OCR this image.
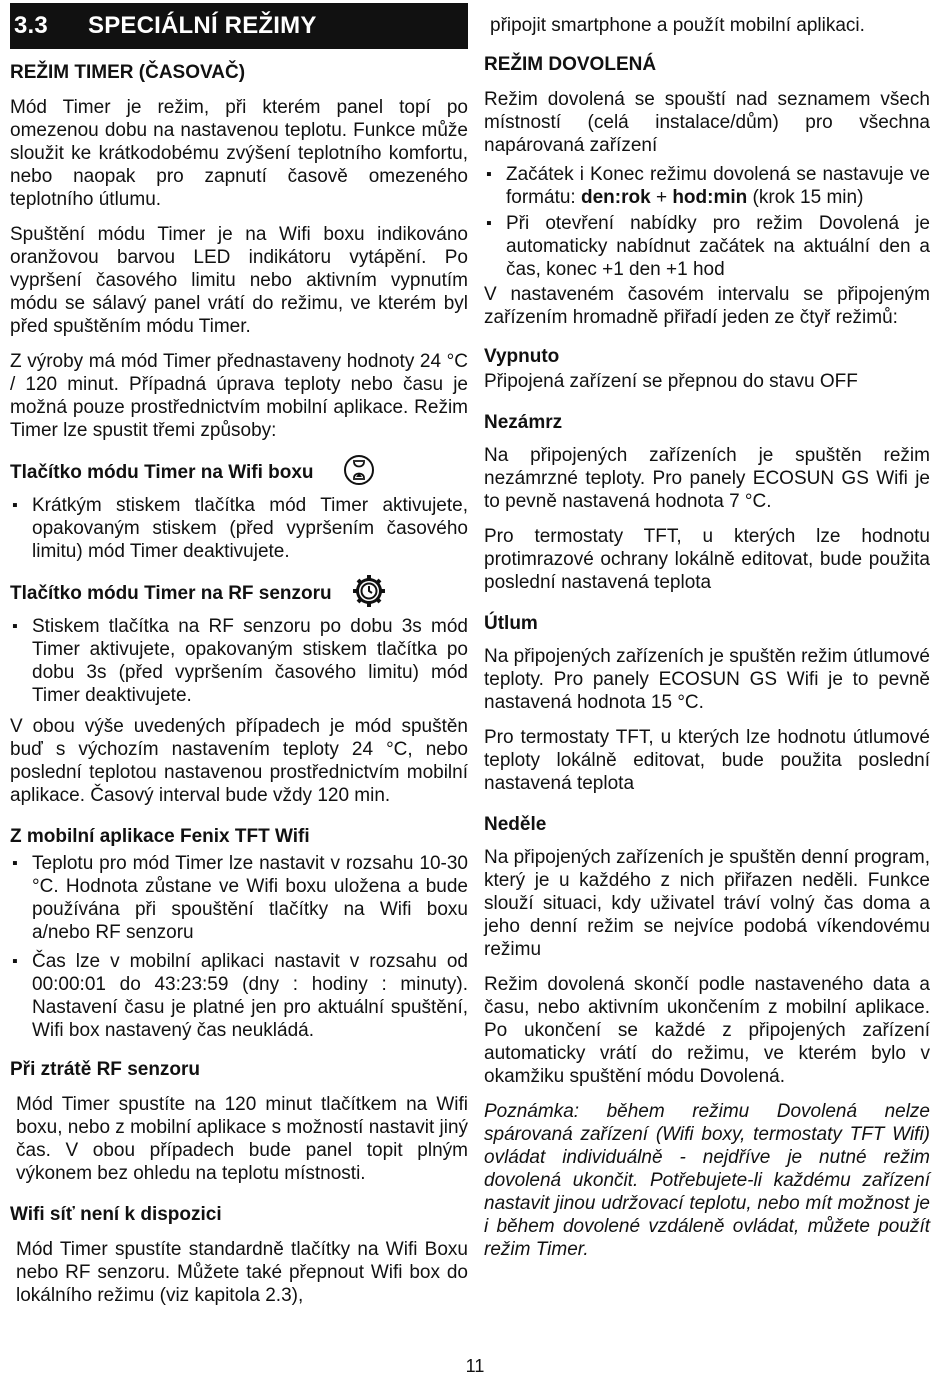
3.3	SPECIÁLNÍ REŽIMY
REŽIM TIMER (ČASOVAČ)

Mód Timer je režim, při kterém panel topí po omezenou dobu na nastavenou teplotu. Funkce může sloužit ke krátkodobému zvýšení teplotního komfortu, nebo naopak pro zapnutí časově omezeného teplotního útlumu.

Spuštění módu Timer je na Wifi boxu indikováno oranžovou barvou LED indikátoru vytápění. Po vypršení časového limitu nebo aktivním vypnutím módu se sálavý panel vrátí do režimu, ve kterém byl před spuštěním módu Timer.

Z výroby má mód Timer přednastaveny hodnoty 24 °C / 120 minut. Případná úprava teploty nebo času je možná pouze prostřednictvím mobilní aplikace. Režim Timer lze spustit třemi způsoby:

Tlačítko módu Timer na Wifi boxu
▪ Krátkým stiskem tlačítka mód Timer aktivujete, opakovaným stiskem (před vypršením časového limitu) mód Timer deaktivujete.
Tlačítko módu Timer na RF senzoru
▪ Stiskem tlačítka na RF senzoru po dobu 3s mód Timer aktivujete, opakovaným stiskem tlačítka po dobu 3s (před vypršením časového limitu) mód Timer deaktivujete.

V obou výše uvedených případech je mód spuštěn buď s výchozím nastavením teploty 24 °C, nebo poslední teplotou nastavenou prostřednictvím mobilní aplikace. Časový interval bude vždy 120 min.

Z mobilní aplikace Fenix TFT Wifi
▪ Teplotu pro mód Timer lze nastavit v rozsahu 10-30 °C. Hodnota zůstane ve Wifi boxu uložena a bude používána při spouštění tlačítky na Wifi boxu a/nebo RF senzoru
▪ Čas lze v mobilní aplikaci nastavit v rozsahu od 00:00:01 do 43:23:59 (dny : hodiny : minuty). Nastavení času je platné jen pro aktuální spuštění, Wifi box nastavený čas neukládá.
Při ztrátě RF senzoru

Mód Timer spustíte na 120 minut tlačítkem na Wifi boxu, nebo z mobilní aplikace s možností nastavit jiný čas. V obou případech bude panel topit plným výkonem bez ohledu na teplotu místnosti.

Wifi síť není k dispozici

Mód Timer spustíte standardně tlačítky na Wifi Boxu nebo RF senzoru. Můžete také přepnout Wifi box do lokálního režimu (viz kapitola 2.3),

připojit smartphone a použít mobilní aplikaci.

REŽIM DOVOLENÁ

Režim dovolená se spouští nad seznamem všech místností (celá instalace/dům) pro všechna napárovaná zařízení

▪ Začátek i Konec režimu dovolená se nastavuje ve formátu: den:rok + hod:min (krok 15 min)
▪ Při otevření nabídky pro režim Dovolená je automaticky nabídnut začátek na aktuální den a čas, konec +1 den +1 hod

V nastaveném časovém intervalu se připojeným zařízením hromadně přiřadí jeden ze čtyř režimů:

Vypnuto

Připojená zařízení se přepnou do stavu OFF

Nezámrz

Na připojených zařízeních je spuštěn režim nezámrzné teploty. Pro panely ECOSUN GS Wifi je to pevně nastavená hodnota 7 °C.

Pro termostaty TFT, u kterých lze hodnotu protimrazové ochrany lokálně editovat, bude použita poslední nastavená teplota

Útlum

Na připojených zařízeních je spuštěn režim útlumové teploty. Pro panely ECOSUN GS Wifi je to pevně nastavená hodnota 15 °C.

Pro termostaty TFT, u kterých lze hodnotu útlumové teploty lokálně editovat, bude použita poslední nastavená teplota

Neděle

Na připojených zařízeních je spuštěn denní program, který je u každého z nich přiřazen neděli. Funkce slouží situaci, kdy uživatel tráví volný čas doma a jeho denní režim se nejvíce podobá víkendovému režimu

Režim dovolená skončí podle nastaveného data a času, nebo aktivním ukončením z mobilní aplikace. Po ukončení se každé z připojených zařízení automaticky vrátí do režimu, ve kterém bylo v okamžiku spuštění módu Dovolená.

Poznámka: během režimu Dovolená nelze spárovaná zařízení (Wifi boxy, termostaty TFT Wifi) ovládat individuálně - nejdříve je nutné režim dovolená ukončit. Potřebujete-li každému zařízení nastavit jinou udržovací teplotu, nebo mít možnost je i během dovolené vzdáleně ovládat, můžete použít režim Timer.

11
